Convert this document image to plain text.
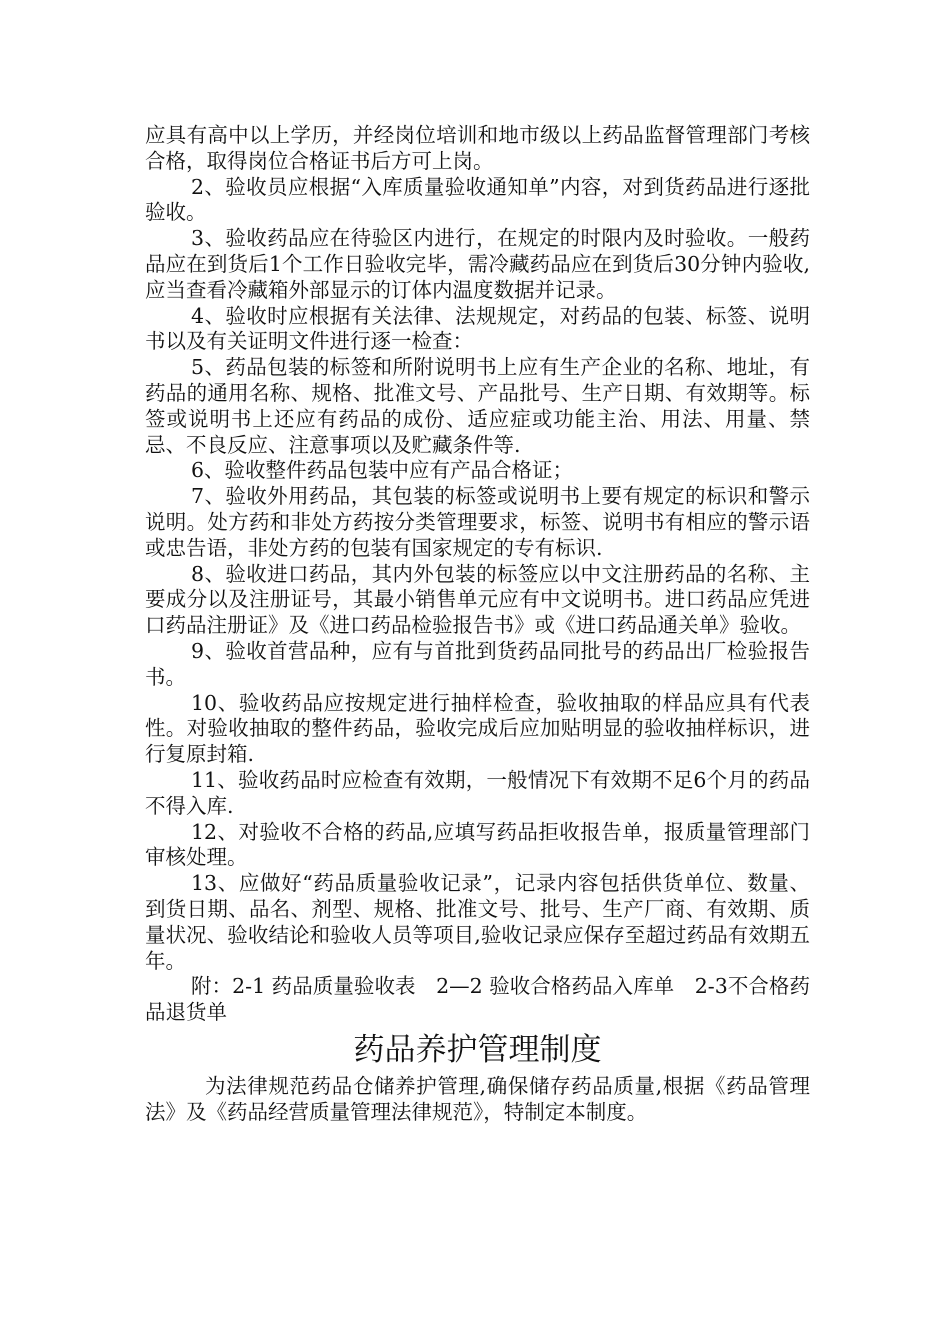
应具有高中以上学历，并经岗位培训和地市级以上药品监督管理部门考核合格，取得岗位合格证书后方可上岗。

2、验收员应根据“入库质量验收通知单”内容，对到货药品进行逐批验收。

3、验收药品应在待验区内进行，在规定的时限内及时验收。一般药品应在到货后1个工作日验收完毕，需冷藏药品应在到货后30分钟内验收,应当查看冷藏箱外部显示的订体内温度数据并记录。

4、验收时应根据有关法律、法规规定，对药品的包装、标签、说明书以及有关证明文件进行逐一检查：

5、药品包装的标签和所附说明书上应有生产企业的名称、地址，有药品的通用名称、规格、批准文号、产品批号、生产日期、有效期等。标签或说明书上还应有药品的成份、适应症或功能主治、用法、用量、禁忌、不良反应、注意事项以及贮藏条件等.

6、验收整件药品包装中应有产品合格证；

7、验收外用药品，其包装的标签或说明书上要有规定的标识和警示说明。处方药和非处方药按分类管理要求，标签、说明书有相应的警示语或忠告语，非处方药的包装有国家规定的专有标识.

8、验收进口药品，其内外包装的标签应以中文注册药品的名称、主要成分以及注册证号，其最小销售单元应有中文说明书。进口药品应凭进口药品注册证》及《进口药品检验报告书》或《进口药品通关单》验收。

9、验收首营品种，应有与首批到货药品同批号的药品出厂检验报告书。

10、验收药品应按规定进行抽样检查，验收抽取的样品应具有代表性。对验收抽取的整件药品，验收完成后应加贴明显的验收抽样标识，进行复原封箱.

11、验收药品时应检查有效期，一般情况下有效期不足6个月的药品不得入库.

12、对验收不合格的药品,应填写药品拒收报告单，报质量管理部门审核处理。

13、应做好“药品质量验收记录”，记录内容包括供货单位、数量、到货日期、品名、剂型、规格、批准文号、批号、生产厂商、有效期、质量状况、验收结论和验收人员等项目,验收记录应保存至超过药品有效期五年。

附：2-1 药品质量验收表　2—2 验收合格药品入库单　2-3不合格药品退货单

药品养护管理制度

为法律规范药品仓储养护管理,确保储存药品质量,根据《药品管理法》及《药品经营质量管理法律规范》，特制定本制度。
